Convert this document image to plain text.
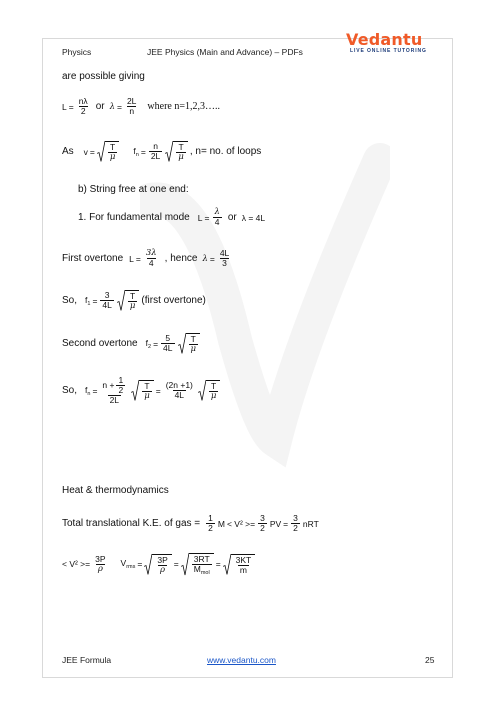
Physics	JEE Physics (Main and Advance) – PDFs
Vedantu
LIVE ONLINE TUTORING
are possible giving
$L = \frac{n\lambda}{2}$ or $\lambda = \frac{2L}{n}$ where n=1,2,3…..
As $v = \frac{T}{\mu} f_n = \frac{n}{2L} \frac{T}{\mu}$ , n= no. of loops
b) String free at one end:
1. For fundamental mode $L = \frac{\lambda}{4}$ or λ = 4L
First overtone $L = \frac{3\lambda}{4}$ , hence $\lambda = \frac{4L}{3}$
So, $f_1 = \frac{3}{4L} \frac{T}{\mu}$ (first overtone)
Second overtone $f_2 = \frac{5}{4L} \frac{T}{\mu}$
So, $f_n = \frac{n + \frac{1}{2}}{2L} \frac{T}{\mu} = \frac{(2n +1)}{4L} \frac{T}{\mu}$
Heat & thermodynamics
Total translational K.E. of gas = $\frac{1}{2}$ $M < V^2 >= \frac{3}{2}$ PV = $\frac{3}{2}$ nRT
< $V^2 >= \frac{3P}{\rho} V_{rms} = \frac{3P}{\rho} = \frac{3RT}{M_{mol}} = \frac{3KT}{m}$
JEE Formula	www.vedantu.com	25
